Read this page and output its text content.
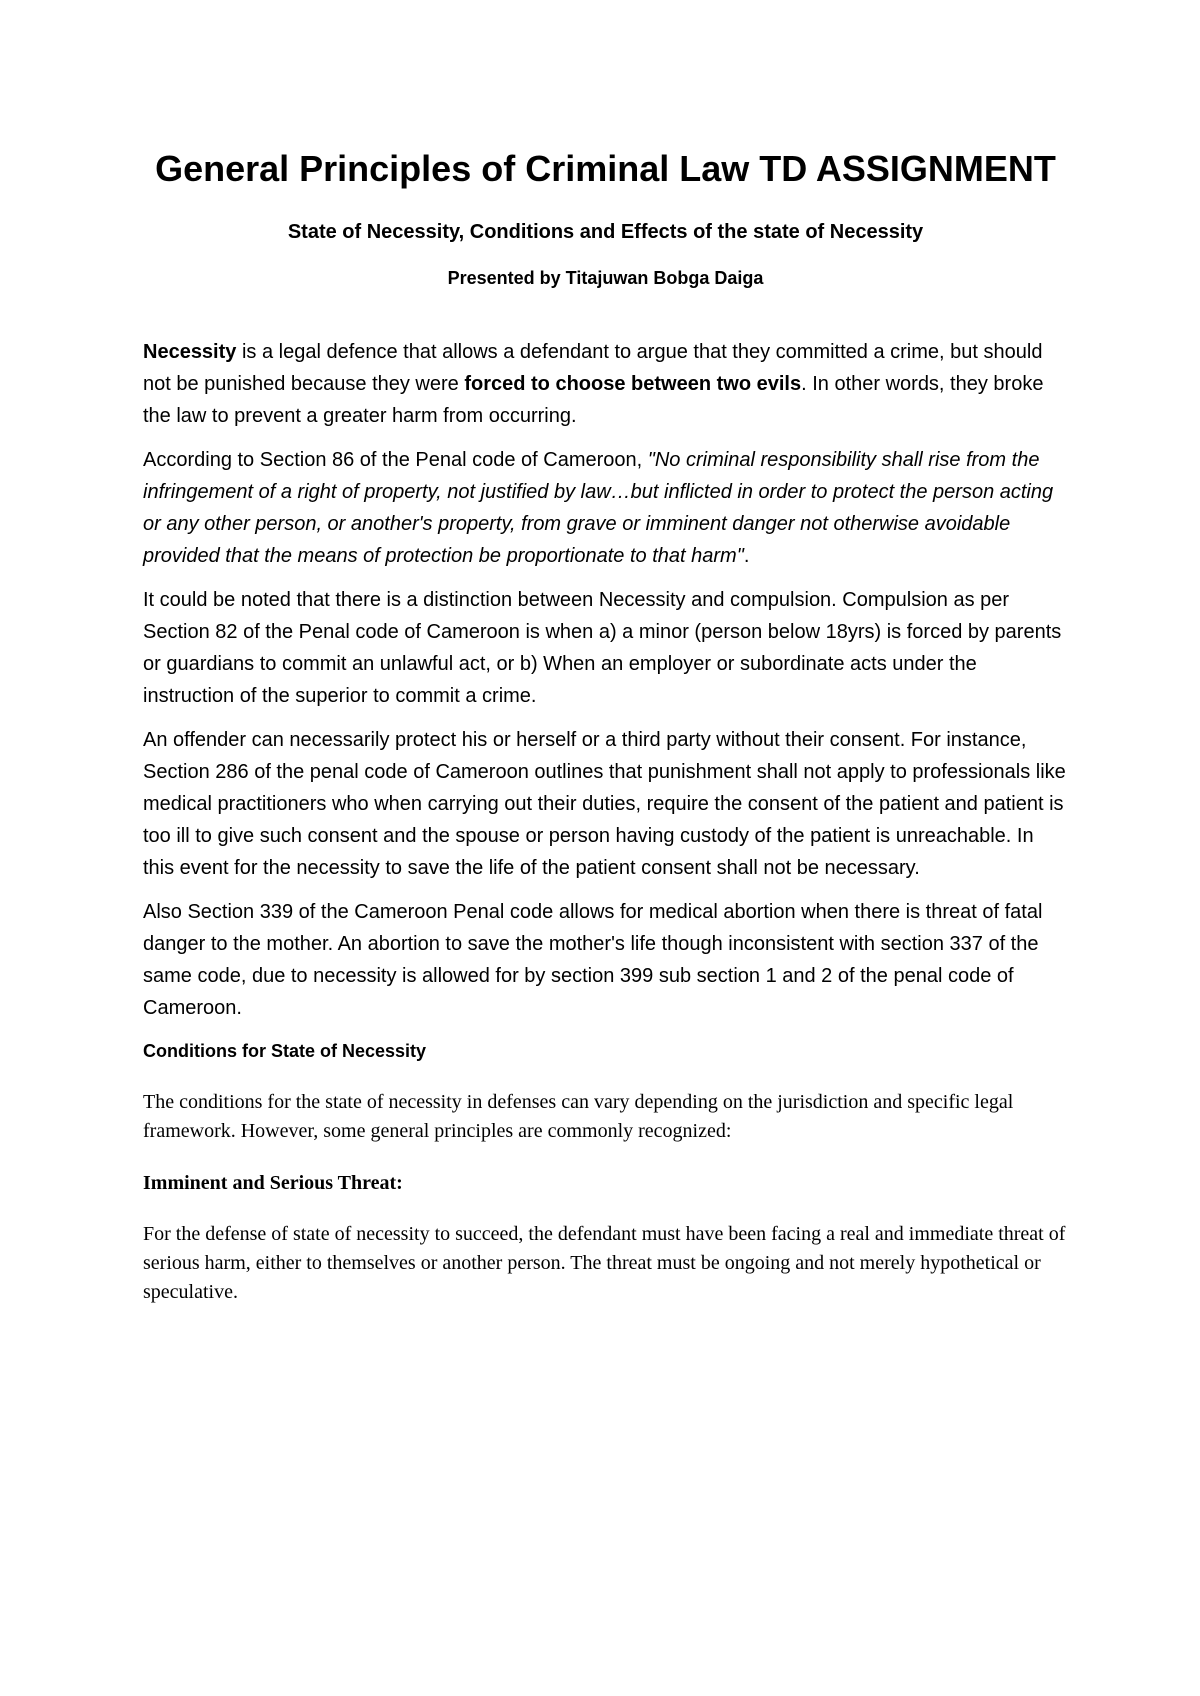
General Principles of Criminal Law TD ASSIGNMENT

State of Necessity, Conditions and Effects of the state of Necessity

Presented by Titajuwan Bobga Daiga

Necessity is a legal defence that allows a defendant to argue that they committed a crime, but should not be punished because they were forced to choose between two evils. In other words, they broke the law to prevent a greater harm from occurring.

According to Section 86 of the Penal code of Cameroon, "No criminal responsibility shall rise from the infringement of a right of property, not justified by law…but inflicted in order to protect the person acting or any other person, or another's property, from grave or imminent danger not otherwise avoidable provided that the means of protection be proportionate to that harm".

It could be noted that there is a distinction between Necessity and compulsion. Compulsion as per Section 82 of the Penal code of Cameroon is when a) a minor (person below 18yrs) is forced by parents or guardians to commit an unlawful act, or b) When an employer or subordinate acts under the instruction of the superior to commit a crime.

An offender can necessarily protect his or herself or a third party without their consent. For instance, Section 286 of the penal code of Cameroon outlines that punishment shall not apply to professionals like medical practitioners who when carrying out their duties, require the consent of the patient and patient is too ill to give such consent and the spouse or person having custody of the patient is unreachable. In this event for the necessity to save the life of the patient consent shall not be necessary.

Also Section 339 of the Cameroon Penal code allows for medical abortion when there is threat of fatal danger to the mother. An abortion to save the mother's life though inconsistent with section 337 of the same code, due to necessity is allowed for by section 399 sub section 1 and 2 of the penal code of Cameroon.

Conditions for State of Necessity

The conditions for the state of necessity in defenses can vary depending on the jurisdiction and specific legal framework. However, some general principles are commonly recognized:

Imminent and Serious Threat:

For the defense of state of necessity to succeed, the defendant must have been facing a real and immediate threat of serious harm, either to themselves or another person. The threat must be ongoing and not merely hypothetical or speculative.
